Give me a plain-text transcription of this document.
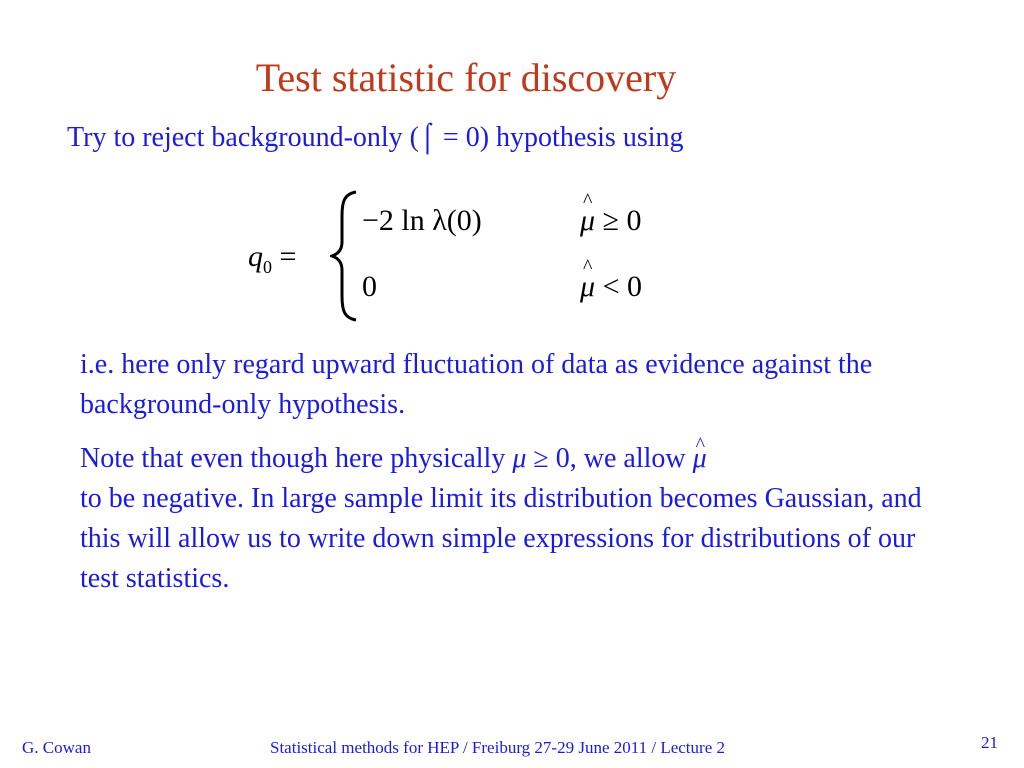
Test statistic for discovery
Try to reject background-only (⌠ = 0) hypothesis using
$q_0$ =
−2 ln λ(0)	^ μ ≥ 0
0	^ μ < 0

i.e. here only regard upward fluctuation of data as evidence against the background-only hypothesis.

Note that even though here physically μ ≥ 0, we allow ^ μ
to be negative. In large sample limit its distribution becomes Gaussian, and this will allow us to write down simple expressions for distributions of our test statistics.

G. Cowan	Statistical methods for HEP / Freiburg 27-29 June 2011 / Lecture 2	21
